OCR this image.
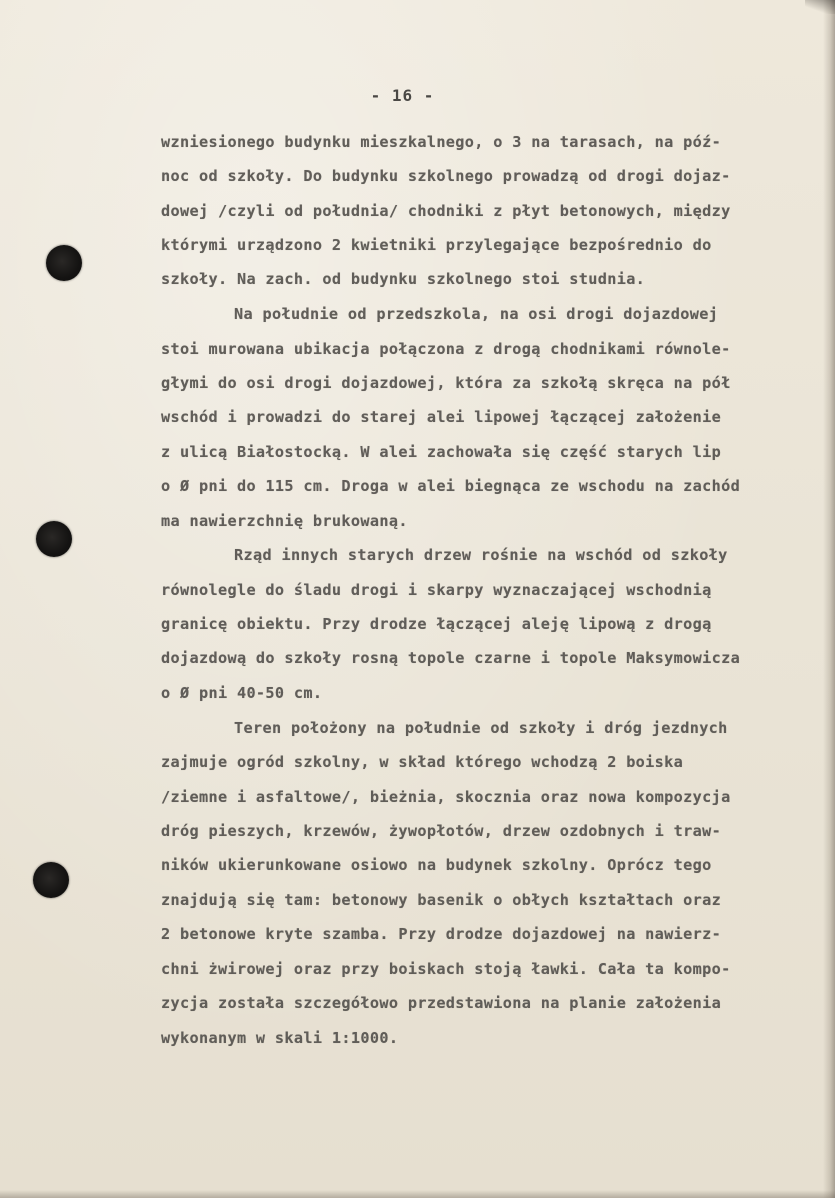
- 16 -
wzniesionego budynku mieszkalnego, o 3 na tarasach, na póź-
noc od szkoły. Do budynku szkolnego prowadzą od drogi dojaz-
dowej /czyli od południa/ chodniki z płyt betonowych, między
którymi urządzono 2 kwietniki przylegające bezpośrednio do
szkoły. Na zach. od budynku szkolnego stoi studnia.
Na południe od przedszkola, na osi drogi dojazdowej
stoi murowana ubikacja połączona z drogą chodnikami równole-
głymi do osi drogi dojazdowej, która za szkołą skręca na pół
wschód i prowadzi do starej alei lipowej łączącej założenie
z ulicą Białostocką. W alei zachowała się część starych lip
o Ø pni do 115 cm. Droga w alei biegnąca ze wschodu na zachód
ma nawierzchnię brukowaną.
Rząd innych starych drzew rośnie na wschód od szkoły
równolegle do śladu drogi i skarpy wyznaczającej wschodnią
granicę obiektu. Przy drodze łączącej aleję lipową z drogą
dojazdową do szkoły rosną topole czarne i topole Maksymowicza
o Ø pni 40-50 cm.
Teren położony na południe od szkoły i dróg jezdnych
zajmuje ogród szkolny, w skład którego wchodzą 2 boiska
/ziemne i asfaltowe/, bieżnia, skocznia oraz nowa kompozycja
dróg pieszych, krzewów, żywopłotów, drzew ozdobnych i traw-
ników ukierunkowane osiowo na budynek szkolny. Oprócz tego
znajdują się tam: betonowy basenik o obłych kształtach oraz
2 betonowe kryte szamba. Przy drodze dojazdowej na nawierz-
chni żwirowej oraz przy boiskach stoją ławki. Cała ta kompo-
zycja została szczegółowo przedstawiona na planie założenia
wykonanym w skali 1:1000.
